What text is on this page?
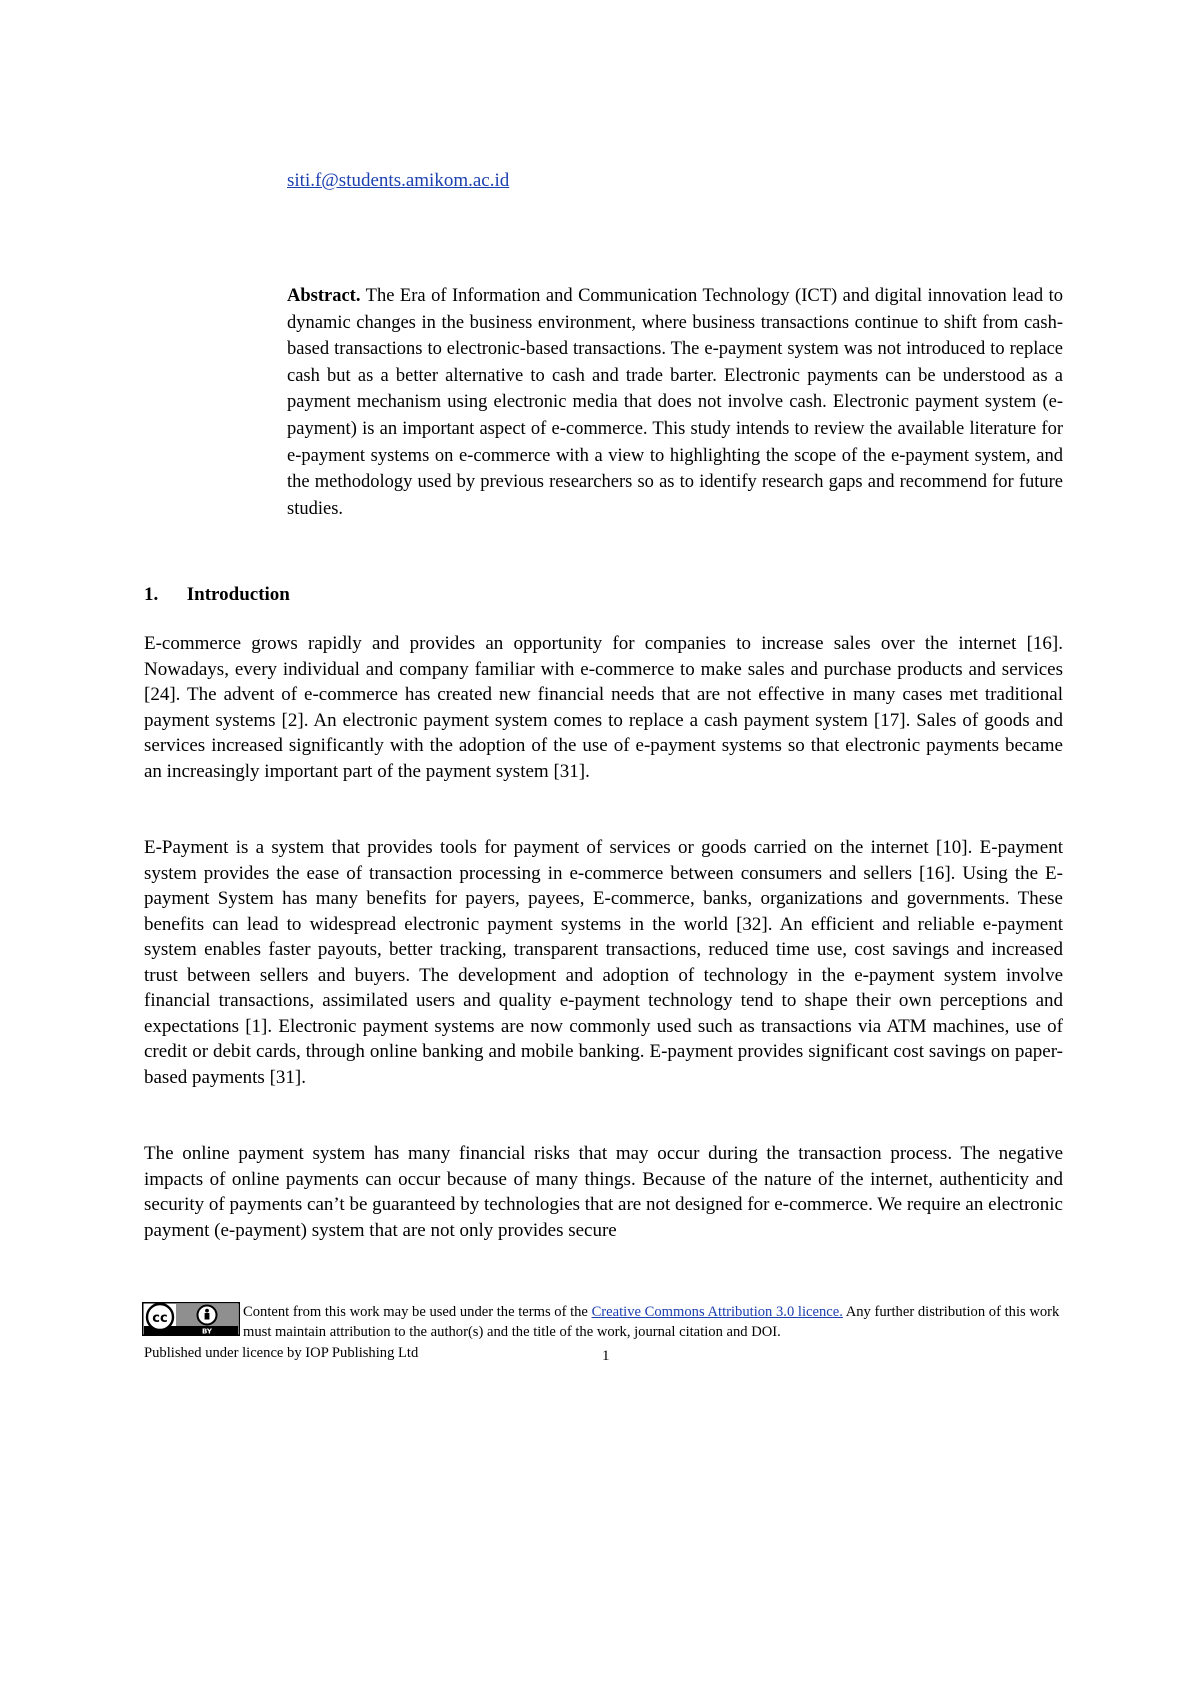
siti.f@students.amikom.ac.id
Abstract. The Era of Information and Communication Technology (ICT) and digital innovation lead to dynamic changes in the business environment, where business transactions continue to shift from cash-based transactions to electronic-based transactions. The e-payment system was not introduced to replace cash but as a better alternative to cash and trade barter. Electronic payments can be understood as a payment mechanism using electronic media that does not involve cash. Electronic payment system (e-payment) is an important aspect of e-commerce. This study intends to review the available literature for e-payment systems on e-commerce with a view to highlighting the scope of the e-payment system, and the methodology used by previous researchers so as to identify research gaps and recommend for future studies.
1. Introduction

E-commerce grows rapidly and provides an opportunity for companies to increase sales over the internet [16]. Nowadays, every individual and company familiar with e-commerce to make sales and purchase products and services [24]. The advent of e-commerce has created new financial needs that are not effective in many cases met traditional payment systems [2]. An electronic payment system comes to replace a cash payment system [17]. Sales of goods and services increased significantly with the adoption of the use of e-payment systems so that electronic payments became an increasingly important part of the payment system [31].

E-Payment is a system that provides tools for payment of services or goods carried on the internet [10]. E-payment system provides the ease of transaction processing in e-commerce between consumers and sellers [16]. Using the E-payment System has many benefits for payers, payees, E-commerce, banks, organizations and governments. These benefits can lead to widespread electronic payment systems in the world [32]. An efficient and reliable e-payment system enables faster payouts, better tracking, transparent transactions, reduced time use, cost savings and increased trust between sellers and buyers. The development and adoption of technology in the e-payment system involve financial transactions, assimilated users and quality e-payment technology tend to shape their own perceptions and expectations [1]. Electronic payment systems are now commonly used such as transactions via ATM machines, use of credit or debit cards, through online banking and mobile banking. E-payment provides significant cost savings on paper-based payments [31].

The online payment system has many financial risks that may occur during the transaction process. The negative impacts of online payments can occur because of many things. Because of the nature of the internet, authenticity and security of payments can’t be guaranteed by technologies that are not designed for e-commerce. We require an electronic payment (e-payment) system that are not only provides secure

cc
BY
Content from this work may be used under the terms of the Creative Commons Attribution 3.0 licence. Any further distribution of this work must maintain attribution to the author(s) and the title of the work, journal citation and DOI.
Published under licence by IOP Publishing Ltd	1
